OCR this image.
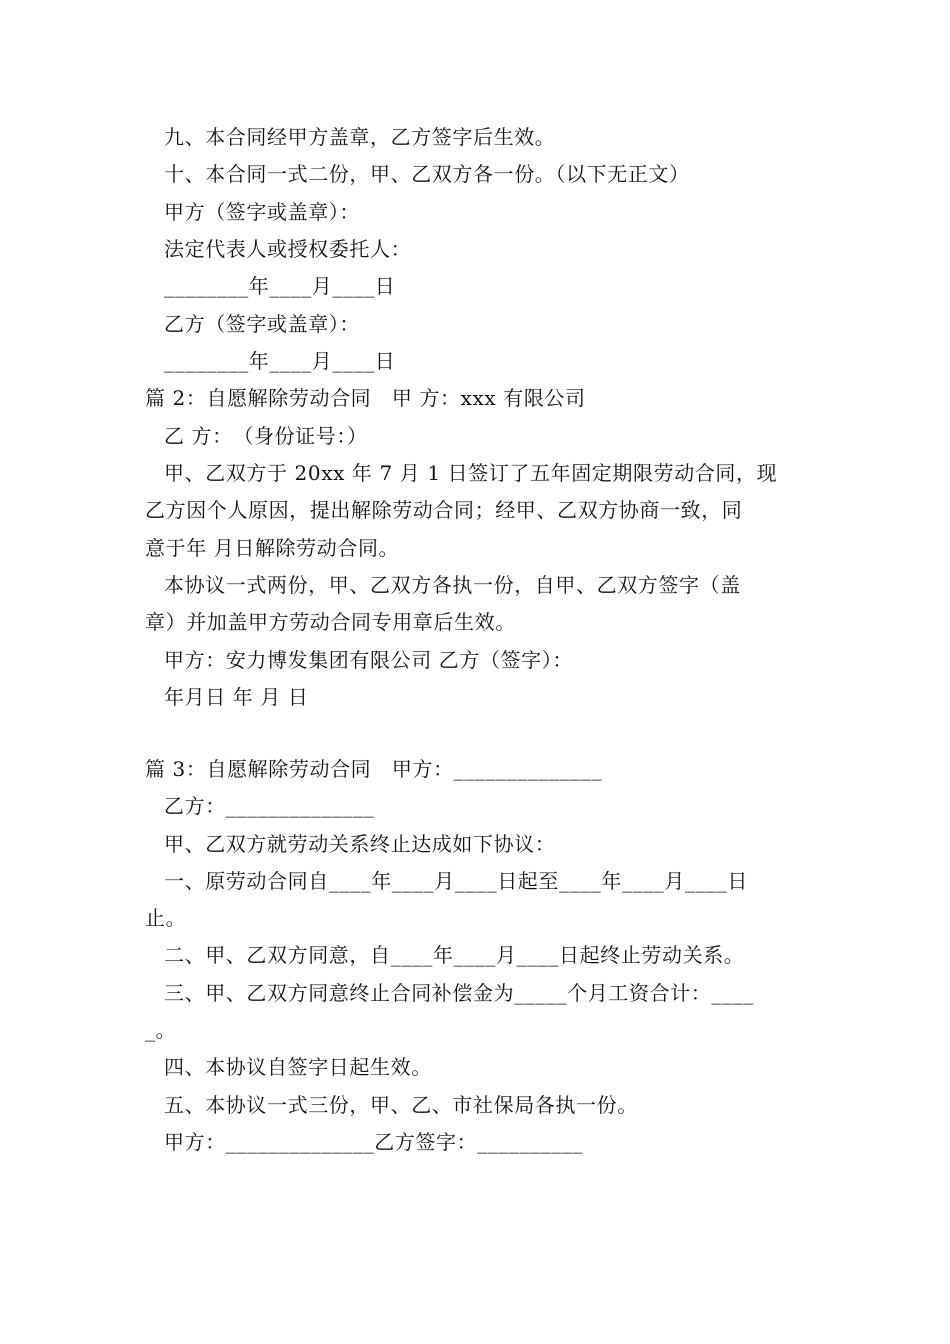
九、本合同经甲方盖章，乙方签字后生效。
十、本合同一式二份，甲、乙双方各一份。（以下无正文）
甲方（签字或盖章）：
法定代表人或授权委托人：
________年____月____日
乙方（签字或盖章）：
________年____月____日
篇 2：自愿解除劳动合同　甲 方：xxx 有限公司
乙 方：　（身份证号：）
甲、乙双方于 20xx 年 7 月 1 日签订了五年固定期限劳动合同，现
乙方因个人原因，提出解除劳动合同；经甲、乙双方协商一致，同
意于年 月日解除劳动合同。
本协议一式两份，甲、乙双方各执一份，自甲、乙双方签字（盖
章）并加盖甲方劳动合同专用章后生效。
甲方：安力博发集团有限公司 乙方（签字）：
年月日 年 月 日
篇 3：自愿解除劳动合同　甲方：______________
乙方：______________
甲、乙双方就劳动关系终止达成如下协议：
一、原劳动合同自____年____月____日起至____年____月____日
止。
二、甲、乙双方同意，自____年____月____日起终止劳动关系。
三、甲、乙双方同意终止合同补偿金为_____个月工资合计：____
_。
四、本协议自签字日起生效。
五、本协议一式三份，甲、乙、市社保局各执一份。
甲方：______________乙方签字：__________
